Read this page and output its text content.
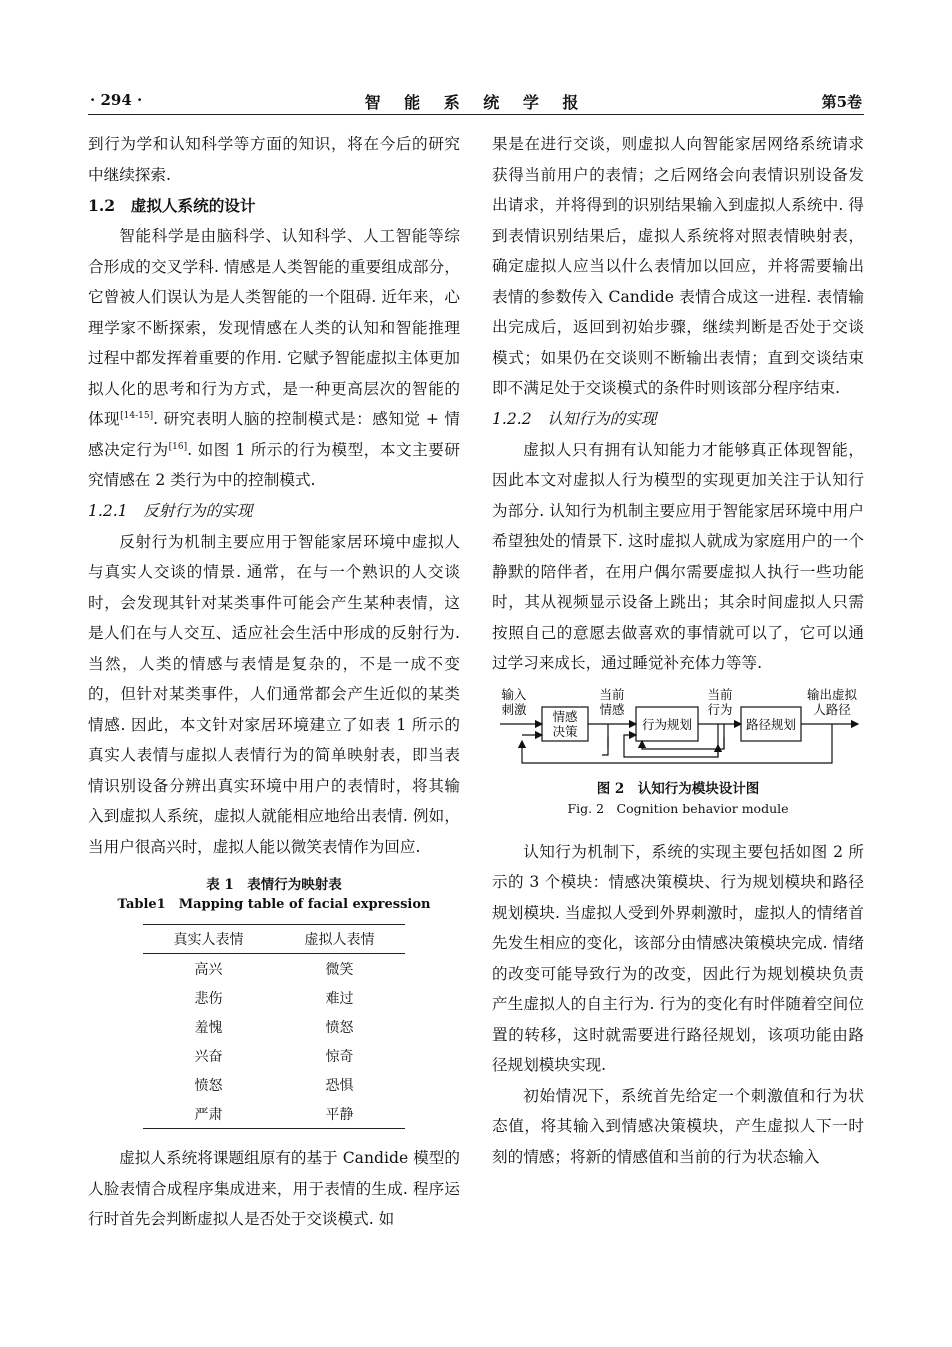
· 294 ·	智 能 系 统 学 报	第5卷

到行为学和认知科学等方面的知识，将在今后的研究中继续探索.

1.2　虚拟人系统的设计

智能科学是由脑科学、认知科学、人工智能等综合形成的交叉学科. 情感是人类智能的重要组成部分，它曾被人们误认为是人类智能的一个阻碍. 近年来，心理学家不断探索，发现情感在人类的认知和智能推理过程中都发挥着重要的作用. 它赋予智能虚拟主体更加拟人化的思考和行为方式，是一种更高层次的智能的体现[14-15]. 研究表明人脑的控制模式是：感知觉 + 情感决定行为[16]. 如图 1 所示的行为模型，本文主要研究情感在 2 类行为中的控制模式.

1.2.1　反射行为的实现

反射行为机制主要应用于智能家居环境中虚拟人与真实人交谈的情景. 通常，在与一个熟识的人交谈时，会发现其针对某类事件可能会产生某种表情，这是人们在与人交互、适应社会生活中形成的反射行为. 当然，人类的情感与表情是复杂的，不是一成不变的，但针对某类事件，人们通常都会产生近似的某类情感. 因此，本文针对家居环境建立了如表 1 所示的真实人表情与虚拟人表情行为的简单映射表，即当表情识别设备分辨出真实环境中用户的表情时，将其输入到虚拟人系统，虚拟人就能相应地给出表情. 例如，当用户很高兴时，虚拟人能以微笑表情作为回应.

表 1　表情行为映射表
Table1　Mapping table of facial expression
真实人表情	虚拟人表情
高兴	微笑
悲伤	难过
羞愧	愤怒
兴奋	惊奇
愤怒	恐惧
严肃	平静

虚拟人系统将课题组原有的基于 Candide 模型的人脸表情合成程序集成进来，用于表情的生成. 程序运行时首先会判断虚拟人是否处于交谈模式. 如

果是在进行交谈，则虚拟人向智能家居网络系统请求获得当前用户的表情；之后网络会向表情识别设备发出请求，并将得到的识别结果输入到虚拟人系统中. 得到表情识别结果后，虚拟人系统将对照表情映射表，确定虚拟人应当以什么表情加以回应，并将需要输出表情的参数传入 Candide 表情合成这一进程. 表情输出完成后，返回到初始步骤，继续判断是否处于交谈模式；如果仍在交谈则不断输出表情；直到交谈结束即不满足处于交谈模式的条件时则该部分程序结束.

1.2.2　认知行为的实现

虚拟人只有拥有认知能力才能够真正体现智能，因此本文对虚拟人行为模型的实现更加关注于认知行为部分. 认知行为机制主要应用于智能家居环境中用户希望独处的情景下. 这时虚拟人就成为家庭用户的一个静默的陪伴者，在用户偶尔需要虚拟人执行一些功能时，其从视频显示设备上跳出；其余时间虚拟人只需按照自己的意愿去做喜欢的事情就可以了，它可以通过学习来成长，通过睡觉补充体力等等.

输入
刺激 情感
决策
当前
情感
行为规划
当前
行为
路径规划
输出虚拟
人路径
图 2　认知行为模块设计图
Fig. 2　Cognition behavior module

认知行为机制下，系统的实现主要包括如图 2 所示的 3 个模块：情感决策模块、行为规划模块和路径规划模块. 当虚拟人受到外界刺激时，虚拟人的情绪首先发生相应的变化，该部分由情感决策模块完成. 情绪的改变可能导致行为的改变，因此行为规划模块负责产生虚拟人的自主行为. 行为的变化有时伴随着空间位置的转移，这时就需要进行路径规划，该项功能由路径规划模块实现.

初始情况下，系统首先给定一个刺激值和行为状态值，将其输入到情感决策模块，产生虚拟人下一时刻的情感；将新的情感值和当前的行为状态输入
